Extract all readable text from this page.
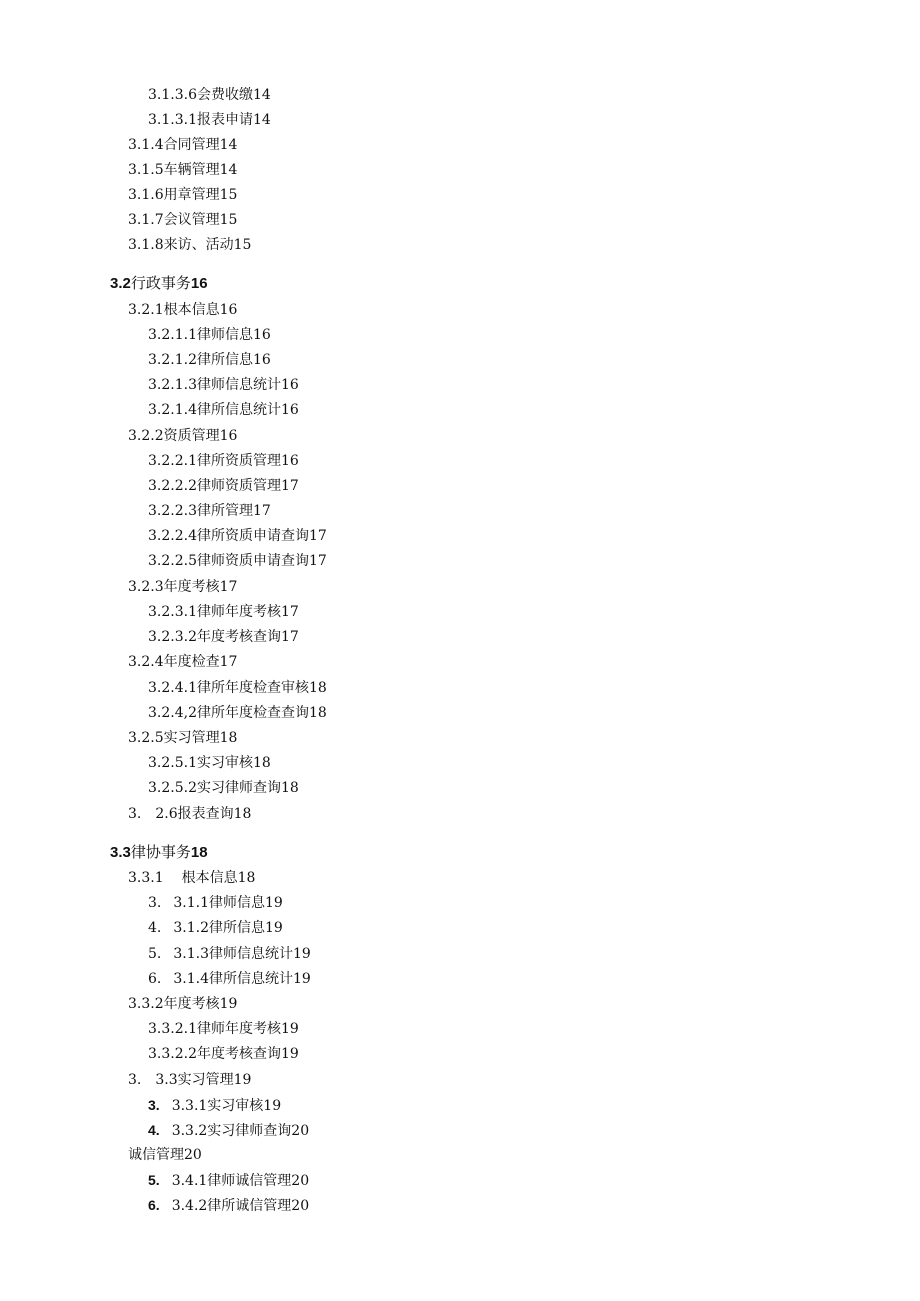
3.1.3.6会费收缴14
3.1.3.1报表申请14
3.1.4合同管理14
3.1.5车辆管理14
3.1.6用章管理15
3.1.7会议管理15
3.1.8来访、活动15
3.2行政事务16
3.2.1根本信息16
3.2.1.1律师信息16
3.2.1.2律所信息16
3.2.1.3律师信息统计16
3.2.1.4律所信息统计16
3.2.2资质管理16
3.2.2.1律所资质管理16
3.2.2.2律师资质管理17
3.2.2.3律所管理17
3.2.2.4律所资质申请查询17
3.2.2.5律师资质申请查询17
3.2.3年度考核17
3.2.3.1律师年度考核17
3.2.3.2年度考核查询17
3.2.4年度检查17
3.2.4.1律所年度检查审核18
3.2.4,2律所年度检查查询18
3.2.5实习管理18
3.2.5.1实习审核18
3.2.5.2实习律师查询18
3. 2.6报表查询18
3.3律协事务18
3.3.1 根本信息18
3. 3.1.1律师信息19
4. 3.1.2律所信息19
5. 3.1.3律师信息统计19
6. 3.1.4律所信息统计19
3.3.2年度考核19
3.3.2.1律师年度考核19
3.3.2.2年度考核查询19
3. 3.3实习管理19
3. 3.3.1实习审核19
4. 3.3.2实习律师查询20
诚信管理20
5. 3.4.1律师诚信管理20
6. 3.4.2律所诚信管理20
